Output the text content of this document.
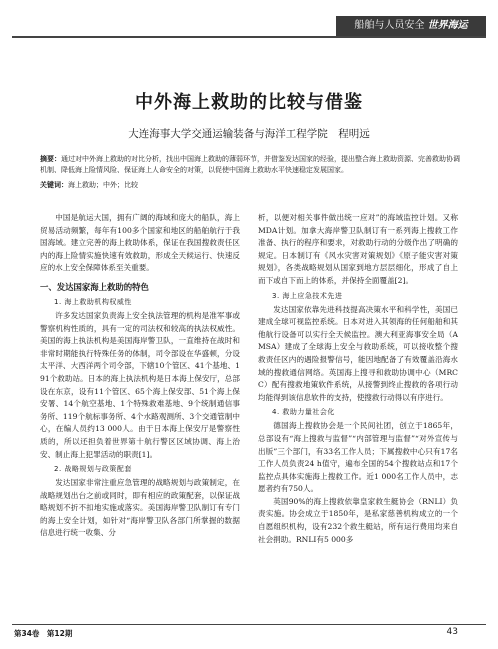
船舶与人员安全 世界海运
中外海上救助的比较与借鉴
大连海事大学交通运输装备与海洋工程学院　程明远
摘要：通过对中外海上救助的对比分析，找出中国海上救助的薄弱环节，并借鉴发达国家的经验，提出整合海上救助资源、完善救助协调机制、降低海上险情风险、保证海上人命安全的对策，以促使中国海上救助水平快速稳定发展国家。
关键词：海上救助；中外；比较

中国是航运大国，拥有广阔的海域和庞大的船队，海上贸易活动频繁，每年有100多个国家和地区的船舶航行于我国海域。建立完善的海上救助体系，保证在我国搜救责任区内的海上险情实施快速有效救助，形成全天候运行、快速反应的水上安全保障体系至关重要。

一、发达国家海上救助的特色
1. 海上救助机构权威性

许多发达国家负责海上安全执法管理的机构是准军事或警察机构性质的，具有一定的司法权和较高的执法权威性。美国的海上执法机构是美国海岸警卫队，一直维持在战时和非常时期能执行特殊任务的体制，司令部设在华盛顿，分设太平洋、大西洋两个司令部，下辖10个管区、41个基地、191个救助站。日本的海上执法机构是日本海上保安厅，总部设在东京，设有11个管区、65个海上保安部、51个海上保安署、14个航空基地、1个特殊救难基地、9个统制通信事务所、119个航标事务所、4个水路观测所、3个交通管制中心，在编人员约13 000人。由于日本海上保安厅是警察性质的，所以还担负着世界第十航行警区区域协调、海上治安、制止海上犯罪活动的职责[1]。

2. 战略规划与政策配套

发达国家非常注重应急管理的战略规划与政策制定，在战略规划出台之前或同时，即有相应的政策配套，以保证战略规划不折不扣地实施或落实。美国海岸警卫队制订有专门的海上安全计划，如针对“海岸警卫队各部门所掌握的数据信息进行统一收集、分

析，以便对相关事件做出统一应对”的海域监控计划。又称MDA计划。加拿大海岸警卫队制订有一系列海上搜救工作准备、执行的程序和要求，对救助行动的分级作出了明确的规定。日本制订有《风水灾害对策规划》《原子能灾害对策规划》，各类战略规划从国家到地方层层细化，形成了自上而下或自下而上的体系，并保持全面覆盖[2]。

3. 海上应急技术先进

发达国家依靠先进科技提高决策水平和科学性，美国已建成全球可视监控系统。日本对进入其领海的任何船舶和其他航行设备可以实行全天候监控。澳大利亚海事安全局（AMSA）建成了全球海上安全与救助系统，可以接收整个搜救责任区内的遇险报警信号，能因地配备了有效覆盖沿海水域的搜救通信网络。英国海上搜寻和救助协调中心（MRCC）配有搜救地策软件系统，从接警到终止搜救的各项行动均能得到该信息软件的支持，使搜救行动得以有序进行。

4. 救助力量社会化

德国海上搜救协会是一个民间社团，创立于1865年，总部设有“海上搜救与监督”“内部管理与监督”“对外宣传与出版”三个部门，有33名工作人员；下属搜救中心只有17名工作人员负责24 h值守，遍布全国的54个搜救站点和17个监控点具体实施海上搜救工作。近1 000名工作人员中，志愿者约有750人。

英国90%的海上搜救依靠皇家救生艇协会（RNLI）负责实施。协会成立于1850年，是私家慈善机构成立的一个自愿组织机构，设有232个救生艇站，所有运行费用均来自社会捐助。RNLI有5 000多

第34卷　第12期	43
